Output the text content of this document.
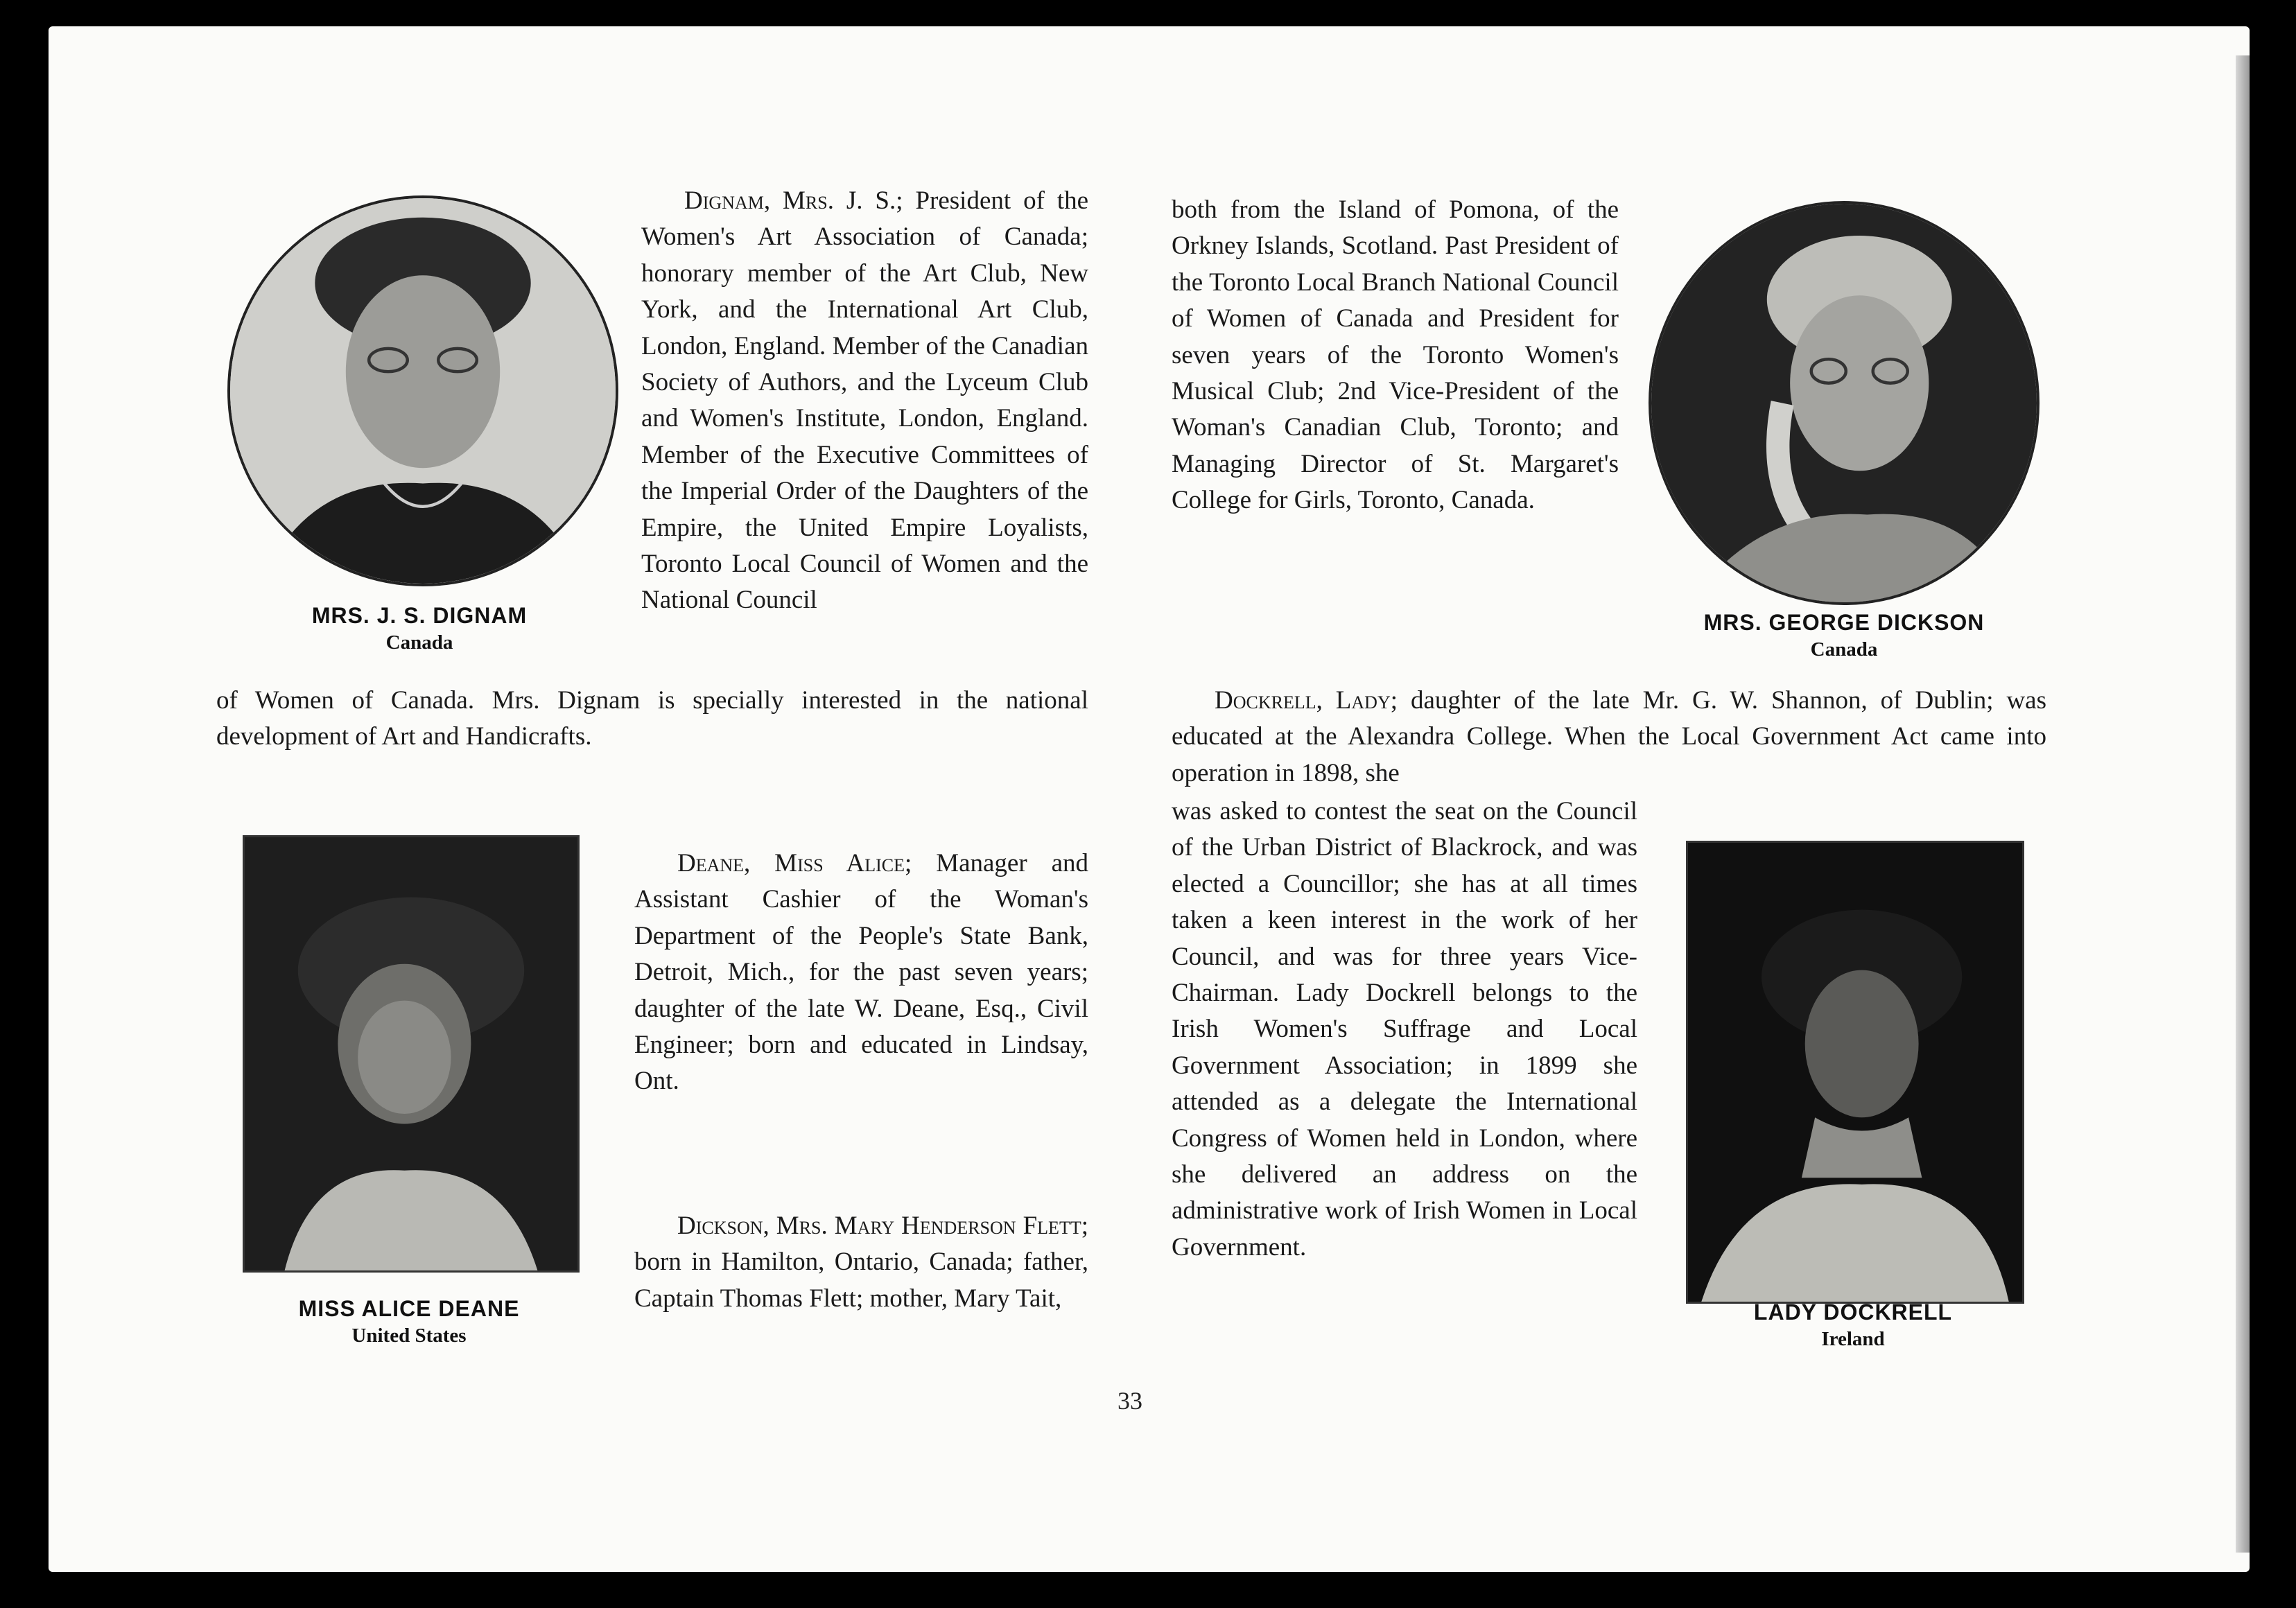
MRS. J. S. DIGNAM
Canada

Dignam, Mrs. J. S.; President of the Women's Art Association of Canada; honorary member of the Art Club, New York, and the International Art Club, London, England. Member of the Canadian Society of Authors, and the Lyceum Club and Women's Institute, London, England. Member of the Executive Committees of the Imperial Order of the Daughters of the Empire, the United Empire Loyalists, Toronto Local Council of Women and the National Council

of Women of Canada. Mrs. Dignam is specially interested in the national development of Art and Handicrafts.

MISS ALICE DEANE
United States

Deane, Miss Alice; Manager and Assistant Cashier of the Woman's Department of the People's State Bank, Detroit, Mich., for the past seven years; daughter of the late W. Deane, Esq., Civil Engineer; born and educated in Lindsay, Ont.

Dickson, Mrs. Mary Henderson Flett; born in Hamilton, Ontario, Canada; father, Captain Thomas Flett; mother, Mary Tait,

both from the Island of Pomona, of the Orkney Islands, Scotland. Past President of the Toronto Local Branch National Council of Women of Canada and President for seven years of the Toronto Women's Musical Club; 2nd Vice-President of the Woman's Canadian Club, Toronto; and Managing Director of St. Margaret's College for Girls, Toronto, Canada.

MRS. GEORGE DICKSON
Canada

Dockrell, Lady; daughter of the late Mr. G. W. Shannon, of Dublin; was educated at the Alexandra College. When the Local Government Act came into operation in 1898, she

was asked to contest the seat on the Council of the Urban District of Blackrock, and was elected a Councillor; she has at all times taken a keen interest in the work of her Council, and was for three years Vice-Chairman. Lady Dockrell belongs to the Irish Women's Suffrage and Local Government Association; in 1899 she attended as a delegate the International Congress of Women held in London, where she delivered an address on the administrative work of Irish Women in Local Government.

LADY DOCKRELL
Ireland
33
